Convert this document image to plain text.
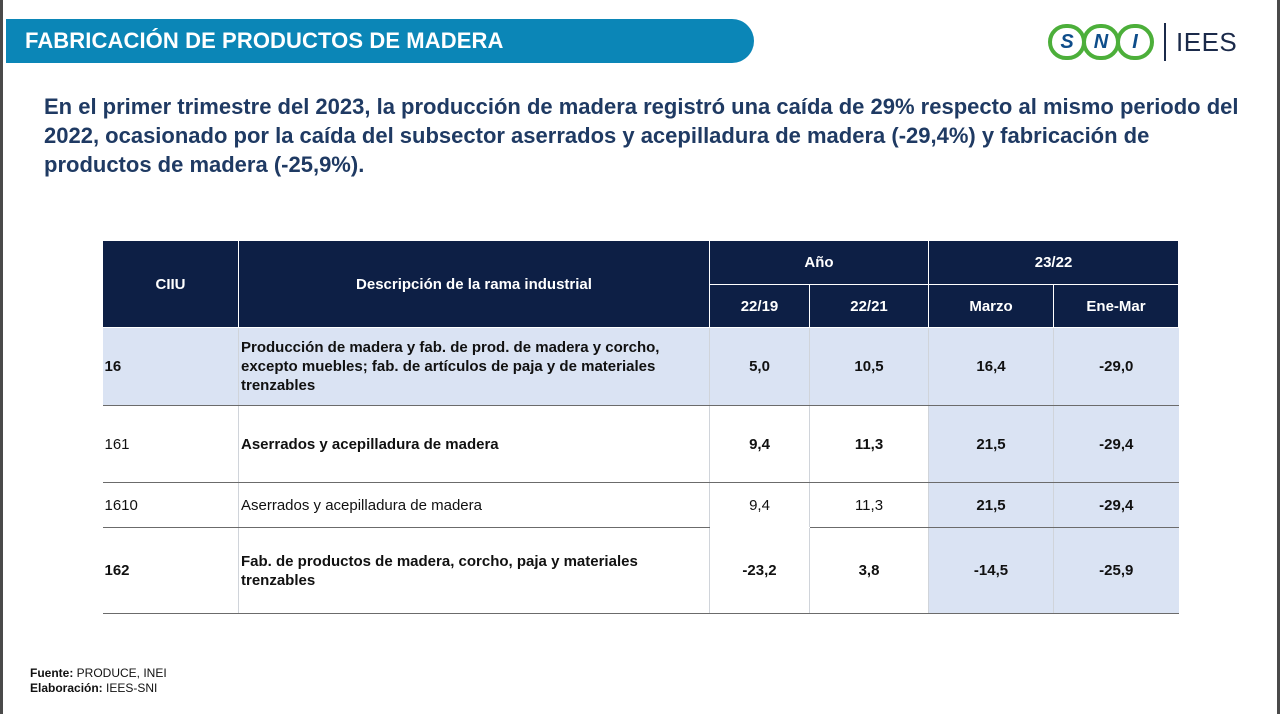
FABRICACIÓN DE PRODUCTOS DE MADERA	S N I IEES

En el primer trimestre del 2023, la producción de madera registró una caída de 29% respecto al mismo periodo del 2022, ocasionado por la caída del subsector aserrados y acepilladura de madera (-29,4%) y fabricación de productos de madera (-25,9%).

CIIU	Descripción de la rama industrial	Año		23/22	
		22/19	22/21	Marzo	Ene-Mar
16	Producción de madera y fab. de prod. de madera y corcho, excepto muebles; fab. de artículos de paja y de materiales trenzables	5,0	10,5	16,4	-29,0
161	Aserrados y acepilladura de madera	9,4	11,3	21,5	-29,4
1610	Aserrados y acepilladura de madera	9,4	11,3	21,5	-29,4
162	Fab. de productos de madera, corcho, paja y materiales trenzables	-23,2	3,8	-14,5	-25,9
Fuente: PRODUCE, INEI
Elaboración: IEES-SNI
